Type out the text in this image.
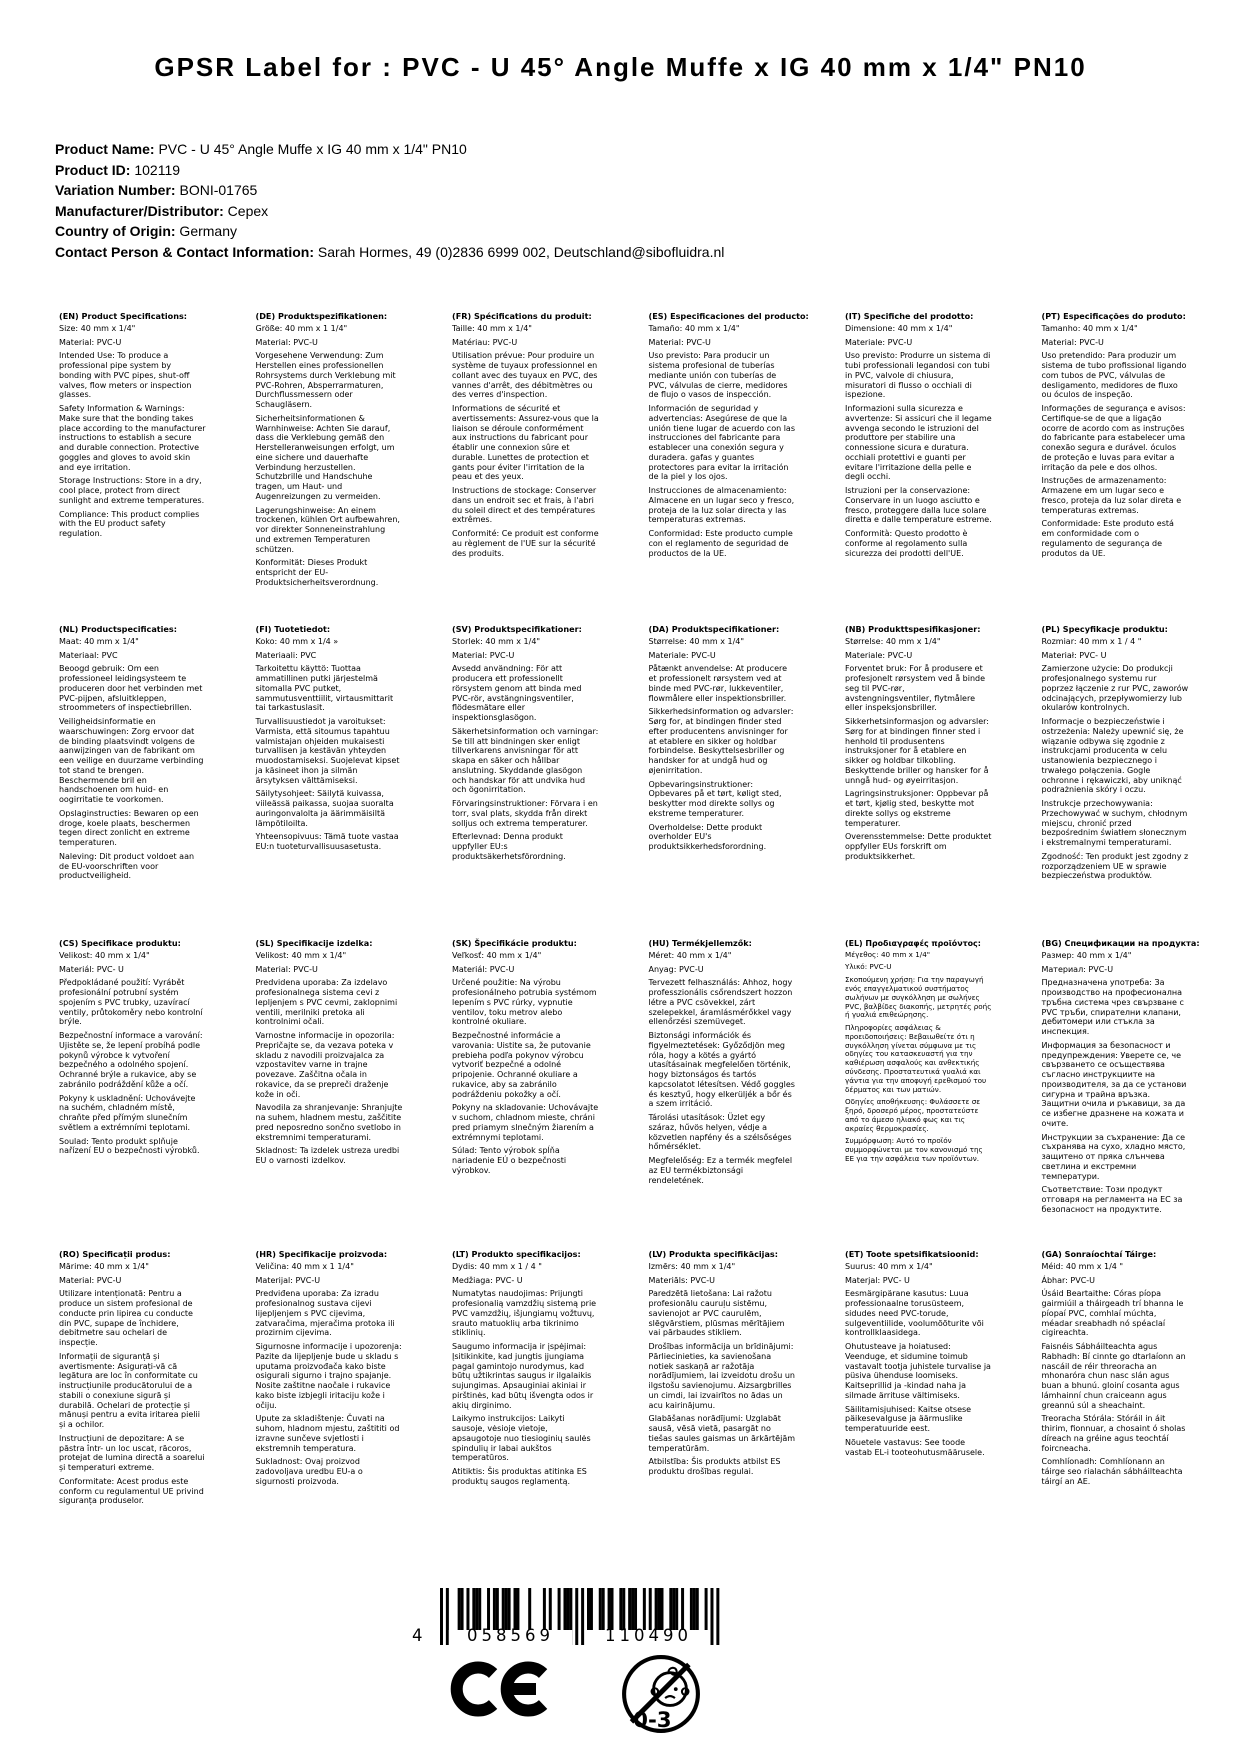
GPSR Label for : PVC - U 45° Angle Muffe x IG 40 mm x 1/4" PN10
Product Name: PVC - U 45° Angle Muffe x IG 40 mm x 1/4" PN10
Product ID: 102119
Variation Number: BONI-01765
Manufacturer/Distributor: Cepex
Country of Origin: Germany
Contact Person & Contact Information: Sarah Hormes, 49 (0)2836 6999 002, Deutschland@sibofluidra.nl
(EN) Product Specifications:

Size: 40 mm x 1/4"

Material: PVC-U

Intended Use: To produce a professional pipe system by bonding with PVC pipes, shut-off valves, flow meters or inspection glasses.

Safety Information & Warnings: Make sure that the bonding takes place according to the manufacturer instructions to establish a secure and durable connection. Protective goggles and gloves to avoid skin and eye irritation.

Storage Instructions: Store in a dry, cool place, protect from direct sunlight and extreme temperatures.

Compliance: This product complies with the EU product safety regulation.

(DE) Produktspezifikationen:

Größe: 40 mm x 1 1/4"

Material: PVC-U

Vorgesehene Verwendung: Zum Herstellen eines professionellen Rohrsystems durch Verklebung mit PVC-Rohren, Absperrarmaturen, Durchflussmessern oder Schaugläsern.

Sicherheitsinformationen & Warnhinweise: Achten Sie darauf, dass die Verklebung gemäß den Herstelleranweisungen erfolgt, um eine sichere und dauerhafte Verbindung herzustellen. Schutzbrille und Handschuhe tragen, um Haut- und Augenreizungen zu vermeiden.

Lagerungshinweise: An einem trockenen, kühlen Ort aufbewahren, vor direkter Sonneneinstrahlung und extremen Temperaturen schützen.

Konformität: Dieses Produkt entspricht der EU-Produktsicherheitsverordnung.

(FR) Spécifications du produit:

Taille: 40 mm x 1/4"

Matériau: PVC-U

Utilisation prévue: Pour produire un système de tuyaux professionnel en collant avec des tuyaux en PVC, des vannes d'arrêt, des débitmètres ou des verres d'inspection.

Informations de sécurité et avertissements: Assurez-vous que la liaison se déroule conformément aux instructions du fabricant pour établir une connexion sûre et durable. Lunettes de protection et gants pour éviter l'irritation de la peau et des yeux.

Instructions de stockage: Conserver dans un endroit sec et frais, à l'abri du soleil direct et des températures extrêmes.

Conformité: Ce produit est conforme au règlement de l'UE sur la sécurité des produits.

(ES) Especificaciones del producto:

Tamaño: 40 mm x 1/4"

Material: PVC-U

Uso previsto: Para producir un sistema profesional de tuberías mediante unión con tuberías de PVC, válvulas de cierre, medidores de flujo o vasos de inspección.

Información de seguridad y advertencias: Asegúrese de que la unión tiene lugar de acuerdo con las instrucciones del fabricante para establecer una conexión segura y duradera. gafas y guantes protectores para evitar la irritación de la piel y los ojos.

Instrucciones de almacenamiento: Almacene en un lugar seco y fresco, proteja de la luz solar directa y las temperaturas extremas.

Conformidad: Este producto cumple con el reglamento de seguridad de productos de la UE.

(IT) Specifiche del prodotto:

Dimensione: 40 mm x 1/4"

Materiale: PVC-U

Uso previsto: Produrre un sistema di tubi professionali legandosi con tubi in PVC, valvole di chiusura, misuratori di flusso o occhiali di ispezione.

Informazioni sulla sicurezza e avvertenze: Si assicuri che il legame avvenga secondo le istruzioni del produttore per stabilire una connessione sicura e duratura. occhiali protettivi e guanti per evitare l'irritazione della pelle e degli occhi.

Istruzioni per la conservazione: Conservare in un luogo asciutto e fresco, proteggere dalla luce solare diretta e dalle temperature estreme.

Conformità: Questo prodotto è conforme al regolamento sulla sicurezza dei prodotti dell'UE.

(PT) Especificações do produto:

Tamanho: 40 mm x 1/4"

Material: PVC-U

Uso pretendido: Para produzir um sistema de tubo profissional ligando com tubos de PVC, válvulas de desligamento, medidores de fluxo ou óculos de inspeção.

Informações de segurança e avisos: Certifique-se de que a ligação ocorre de acordo com as instruções do fabricante para estabelecer uma conexão segura e durável. óculos de proteção e luvas para evitar a irritação da pele e dos olhos.

Instruções de armazenamento: Armazene em um lugar seco e fresco, proteja da luz solar direta e temperaturas extremas.

Conformidade: Este produto está em conformidade com o regulamento de segurança de produtos da UE.

(NL) Productspecificaties:

Maat: 40 mm x 1/4"

Materiaal: PVC

Beoogd gebruik: Om een professioneel leidingsysteem te produceren door het verbinden met PVC-pijpen, afsluitkleppen, stroommeters of inspectiebrillen.

Veiligheidsinformatie en waarschuwingen: Zorg ervoor dat de binding plaatsvindt volgens de aanwijzingen van de fabrikant om een veilige en duurzame verbinding tot stand te brengen. Beschermende bril en handschoenen om huid- en oogirritatie te voorkomen.

Opslaginstructies: Bewaren op een droge, koele plaats, beschermen tegen direct zonlicht en extreme temperaturen.

Naleving: Dit product voldoet aan de EU-voorschriften voor productveiligheid.

(FI) Tuotetiedot:

Koko: 40 mm x 1/4 »

Materiaali: PVC

Tarkoitettu käyttö: Tuottaa ammatillinen putki järjestelmä sitomalla PVC putket, sammutusventtiilit, virtausmittarit tai tarkastuslasit.

Turvallisuustiedot ja varoitukset: Varmista, että sitoumus tapahtuu valmistajan ohjeiden mukaisesti turvallisen ja kestävän yhteyden muodostamiseksi. Suojelevat kipset ja käsineet ihon ja silmän ärsytyksen välttämiseksi.

Säilytysohjeet: Säilytä kuivassa, viileässä paikassa, suojaa suoralta auringonvalolta ja äärimmäisiltä lämpötiloilta.

Yhteensopivuus: Tämä tuote vastaa EU:n tuoteturvallisuusasetusta.

(SV) Produktspecifikationer:

Storlek: 40 mm x 1/4"

Material: PVC-U

Avsedd användning: För att producera ett professionellt rörsystem genom att binda med PVC-rör, avstängningsventiler, flödesmätare eller inspektionsglasögon.

Säkerhetsinformation och varningar: Se till att bindningen sker enligt tillverkarens anvisningar för att skapa en säker och hållbar anslutning. Skyddande glasögon och handskar för att undvika hud och ögonirritation.

Förvaringsinstruktioner: Förvara i en torr, sval plats, skydda från direkt solljus och extrema temperaturer.

Efterlevnad: Denna produkt uppfyller EU:s produktsäkerhetsförordning.

(DA) Produktspecifikationer:

Størrelse: 40 mm x 1/4"

Materiale: PVC-U

Påtænkt anvendelse: At producere et professionelt rørsystem ved at binde med PVC-rør, lukkeventiler, flowmålere eller inspektionsbriller.

Sikkerhedsinformation og advarsler: Sørg for, at bindingen finder sted efter producentens anvisninger for at etablere en sikker og holdbar forbindelse. Beskyttelsesbriller og handsker for at undgå hud og øjenirritation.

Opbevaringsinstruktioner: Opbevares på et tørt, køligt sted, beskytter mod direkte sollys og ekstreme temperaturer.

Overholdelse: Dette produkt overholder EU's produktsikkerhedsforordning.

(NB) Produkttspesifikasjoner:

Størrelse: 40 mm x 1/4"

Materiale: PVC-U

Forventet bruk: For å produsere et profesjonelt rørsystem ved å binde seg til PVC-rør, avstengningsventiler, flytmålere eller inspeksjonsbriller.

Sikkerhetsinformasjon og advarsler: Sørg for at bindingen finner sted i henhold til produsentens instruksjoner for å etablere en sikker og holdbar tilkobling. Beskyttende briller og hansker for å unngå hud- og øyeirritasjon.

Lagringsinstruksjoner: Oppbevar på et tørt, kjølig sted, beskytte mot direkte sollys og ekstreme temperaturer.

Overensstemmelse: Dette produktet oppfyller EUs forskrift om produktsikkerhet.

(PL) Specyfikacje produktu:

Rozmiar: 40 mm x 1 / 4 "

Materiał: PVC- U

Zamierzone użycie: Do produkcji profesjonalnego systemu rur poprzez łączenie z rur PVC, zaworów odcinających, przepływomierzy lub okularów kontrolnych.

Informacje o bezpieczeństwie i ostrzeżenia: Należy upewnić się, że wiązanie odbywa się zgodnie z instrukcjami producenta w celu ustanowienia bezpiecznego i trwałego połączenia. Gogle ochronne i rękawiczki, aby uniknąć podrażnienia skóry i oczu.

Instrukcje przechowywania: Przechowywać w suchym, chłodnym miejscu, chronić przed bezpośrednim światłem słonecznym i ekstremalnymi temperaturami.

Zgodność: Ten produkt jest zgodny z rozporządzeniem UE w sprawie bezpieczeństwa produktów.

(CS) Specifikace produktu:

Velikost: 40 mm x 1/4"

Materiál: PVC- U

Předpokládané použití: Vyrábět profesionální potrubní systém spojením s PVC trubky, uzavírací ventily, průtokoměry nebo kontrolní brýle.

Bezpečnostní informace a varování: Ujistěte se, že lepení probíhá podle pokynů výrobce k vytvoření bezpečného a odolného spojení. Ochranné brýle a rukavice, aby se zabránilo podráždění kůže a očí.

Pokyny k uskladnění: Uchovávejte na suchém, chladném místě, chraňte před přímým slunečním světlem a extrémními teplotami.

Soulad: Tento produkt splňuje nařízení EU o bezpečnosti výrobků.

(SL) Specifikacije izdelka:

Velikost: 40 mm x 1/4"

Material: PVC-U

Predvidena uporaba: Za izdelavo profesionalnega sistema cevi z lepljenjem s PVC cevmi, zaklopnimi ventili, merilniki pretoka ali kontrolnimi očali.

Varnostne informacije in opozorila: Prepričajte se, da vezava poteka v skladu z navodili proizvajalca za vzpostavitev varne in trajne povezave. Zaščitna očala in rokavice, da se prepreči draženje kože in oči.

Navodila za shranjevanje: Shranjujte na suhem, hladnem mestu, zaščitite pred neposredno sončno svetlobo in ekstremnimi temperaturami.

Skladnost: Ta izdelek ustreza uredbi EU o varnosti izdelkov.

(SK) Špecifikácie produktu:

Veľkosť: 40 mm x 1/4"

Materiál: PVC-U

Určené použitie: Na výrobu profesionálneho potrubia systémom lepením s PVC rúrky, vypnutie ventilov, toku metrov alebo kontrolné okuliare.

Bezpečnostné informácie a varovania: Uistite sa, že putovanie prebieha podľa pokynov výrobcu vytvoriť bezpečné a odolné pripojenie. Ochranné okuliare a rukavice, aby sa zabránilo podráždeniu pokožky a očí.

Pokyny na skladovanie: Uchovávajte v suchom, chladnom mieste, chráni pred priamym slnečným žiarením a extrémnymi teplotami.

Súlad: Tento výrobok spĺňa nariadenie EÚ o bezpečnosti výrobkov.

(HU) Termékjellemzők:

Méret: 40 mm x 1/4"

Anyag: PVC-U

Tervezett felhasználás: Ahhoz, hogy professzionális csőrendszert hozzon létre a PVC csövekkel, zárt szelepekkel, áramlásmérőkkel vagy ellenőrzési szemüveget.

Biztonsági információk és figyelmeztetések: Győződjön meg róla, hogy a kötés a gyártó utasításainak megfelelően történik, hogy biztonságos és tartós kapcsolatot létesítsen. Védő goggles és kesztyű, hogy elkerüljék a bőr és a szem irritáció.

Tárolási utasítások: Üzlet egy száraz, hűvös helyen, védje a közvetlen napfény és a szélsőséges hőmérséklet.

Megfelelőség: Ez a termék megfelel az EU termékbiztonsági rendeletének.

(EL) Προδιαγραφές προϊόντος:

Μέγεθος: 40 mm x 1/4"

Υλικό: PVC-U

Σκοπούμενη χρήση: Για την παραγωγή ενός επαγγελματικού συστήματος σωλήνων με συγκόλληση με σωλήνες PVC, βαλβίδες διακοπής, μετρητές ροής ή γυαλιά επιθεώρησης.

Πληροφορίες ασφάλειας & προειδοποιήσεις: Βεβαιωθείτε ότι η συγκόλληση γίνεται σύμφωνα με τις οδηγίες του κατασκευαστή για την καθιέρωση ασφαλούς και ανθεκτικής σύνδεσης. Προστατευτικά γυαλιά και γάντια για την αποφυγή ερεθισμού του δέρματος και των ματιών.

Οδηγίες αποθήκευσης: Φυλάσσετε σε ξηρό, δροσερό μέρος, προστατεύστε από το άμεσο ηλιακό φως και τις ακραίες θερμοκρασίες.

Συμμόρφωση: Αυτό το προϊόν συμμορφώνεται με τον κανονισμό της ΕΕ για την ασφάλεια των προϊόντων.

(BG) Спецификации на продукта:

Размер: 40 mm x 1/4"

Материал: PVC-U

Предназначена употреба: За производство на професионална тръбна система чрез свързване с PVC тръби, спирателни клапани, дебитомери или стъкла за инспекция.

Информация за безопасност и предупреждения: Уверете се, че свързването се осъществява съгласно инструкциите на производителя, за да се установи сигурна и трайна връзка. Защитни очила и ръкавици, за да се избегне дразнене на кожата и очите.

Инструкции за съхранение: Да се съхранява на сухо, хладно място, защитено от пряка слънчева светлина и екстремни температури.

Съответствие: Този продукт отговаря на регламента на ЕС за безопасност на продуктите.

(RO) Specificații produs:

Mărime: 40 mm x 1/4"

Material: PVC-U

Utilizare intenționată: Pentru a produce un sistem profesional de conducte prin lipirea cu conducte din PVC, supape de închidere, debitmetre sau ochelari de inspecție.

Informații de siguranță și avertismente: Asigurați-vă că legătura are loc în conformitate cu instrucțiunile producătorului de a stabili o conexiune sigură și durabilă. Ochelari de protecție și mănuși pentru a evita iritarea pielii și a ochilor.

Instrucțiuni de depozitare: A se păstra într- un loc uscat, răcoros, protejat de lumina directă a soarelui și temperaturi extreme.

Conformitate: Acest produs este conform cu regulamentul UE privind siguranța produselor.

(HR) Specifikacije proizvoda:

Veličina: 40 mm x 1 1/4"

Materijal: PVC-U

Predviđena uporaba: Za izradu profesionalnog sustava cijevi lijepljenjem s PVC cijevima, zatvaračima, mjeračima protoka ili prozirnim cijevima.

Sigurnosne informacije i upozorenja: Pazite da lijepljenje bude u skladu s uputama proizvođača kako biste osigurali sigurno i trajno spajanje. Nosite zaštitne naočale i rukavice kako biste izbjegli iritaciju kože i očiju.

Upute za skladištenje: Čuvati na suhom, hladnom mjestu, zaštititi od izravne sunčeve svjetlosti i ekstremnih temperatura.

Sukladnost: Ovaj proizvod zadovoljava uredbu EU-a o sigurnosti proizvoda.

(LT) Produkto specifikacijos:

Dydis: 40 mm x 1 / 4 "

Medžiaga: PVC- U

Numatytas naudojimas: Prijungti profesionalią vamzdžių sistemą prie PVC vamzdžių, išjungiamų vožtuvų, srauto matuoklių arba tikrinimo stiklinių.

Saugumo informacija ir įspėjimai: Įsitikinkite, kad jungtis įjungiama pagal gamintojo nurodymus, kad būtų užtikrintas saugus ir ilgalaikis sujungimas. Apsauginiai akiniai ir pirštinės, kad būtų išvengta odos ir akių dirginimo.

Laikymo instrukcijos: Laikyti sausoje, vėsioje vietoje, apsaugotoje nuo tiesioginių saulės spindulių ir labai aukštos temperatūros.

Atitiktis: Šis produktas atitinka ES produktų saugos reglamentą.

(LV) Produkta specifikācijas:

Izmērs: 40 mm x 1/4"

Materiāls: PVC-U

Paredzētā lietošana: Lai ražotu profesionālu cauruļu sistēmu, savienojot ar PVC caurulēm, slēgvārstiem, plūsmas mērītājiem vai pārbaudes stikliem.

Drošības informācija un brīdinājumi: Pārliecinieties, ka savienošana notiek saskaņā ar ražotāja norādījumiem, lai izveidotu drošu un ilgstošu savienojumu. Aizsargbrilles un cimdi, lai izvairītos no ādas un acu kairinājumu.

Glabāšanas norādījumi: Uzglabāt sausā, vēsā vietā, pasargāt no tiešas saules gaismas un ārkārtējām temperatūrām.

Atbilstība: Šis produkts atbilst ES produktu drošības regulai.

(ET) Toote spetsifikatsioonid:

Suurus: 40 mm x 1/4"

Materjal: PVC- U

Eesmärgipärane kasutus: Luua professionaalne torusüsteem, sidudes need PVC-torude, sulgeventiilide, voolumõõturite või kontrollklaasidega.

Ohutusteave ja hoiatused: Veenduge, et sidumine toimub vastavalt tootja juhistele turvalise ja püsiva ühenduse loomiseks. Kaitseprillid ja -kindad naha ja silmade ärrituse vältimiseks.

Säilitamisjuhised: Kaitse otsese päikesevalguse ja äärmuslike temperatuuride eest.

Nõuetele vastavus: See toode vastab EL-i tooteohutusmäärusele.

(GA) Sonraíochtaí Táirge:

Méid: 40 mm x 1/4 "

Ábhar: PVC-U

Úsáid Beartaithe: Córas píopa gairmiúil a tháirgeadh trí bhanna le píopaí PVC, comhlaí múchta, méadar sreabhadh nó spéaclaí cigireachta.

Faisnéis Sábháilteachta agus Rabhadh: Bí cinnte go dtarlaíonn an nascáil de réir threoracha an mhonaróra chun nasc slán agus buan a bhunú. gloiní cosanta agus lámhainní chun craiceann agus greannú súl a sheachaint.

Treoracha Stórála: Stóráil in áit thirim, fionnuar, a chosaint ó sholas díreach na gréine agus teochtáí foircneacha.

Comhlíonadh: Comhlíonann an táirge seo rialachán sábháilteachta táirgí an AE.

4	058569	110490
0-3
